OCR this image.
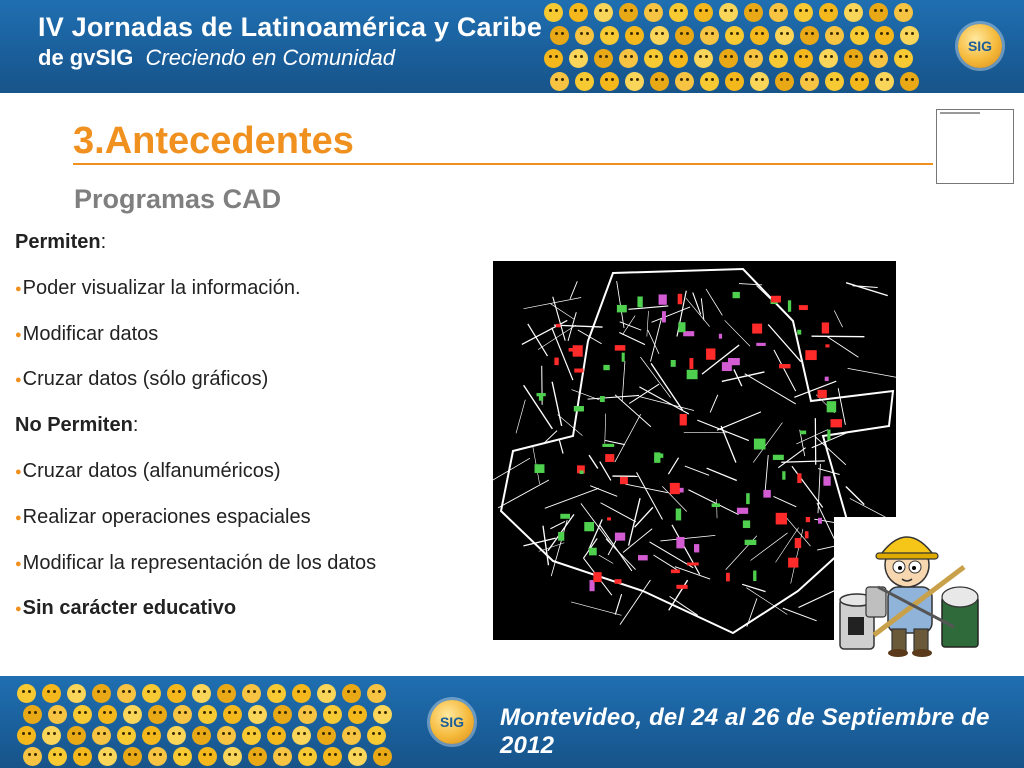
IV Jornadas de Latinoamérica y Caribe
de gvSIG Creciendo en Comunidad	SIG
3.Antecedentes
Programas CAD
Permiten:
●Poder visualizar la información.
●Modificar datos
●Cruzar datos (sólo gráficos)
No Permiten:
●Cruzar datos (alfanuméricos)
●Realizar operaciones espaciales
●Modificar la representación de los datos
●Sin carácter educativo
SIG	Montevideo, del 24 al 26 de Septiembre de 2012
